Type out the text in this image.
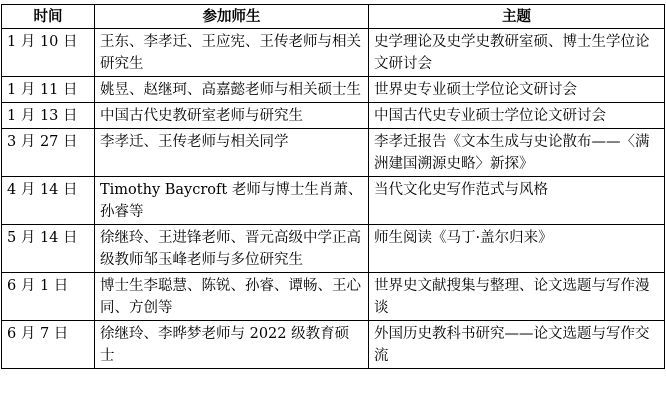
时间	参加师生	主题
1 月 10 日	王东、李孝迁、王应宪、王传老师与相关研究生	史学理论及史学史教研室硕、博士生学位论文研讨会
1 月 11 日	姚昱、赵继珂、高嘉懿老师与相关硕士生	世界史专业硕士学位论文研讨会
1 月 13 日	中国古代史教研室老师与研究生	中国古代史专业硕士学位论文研讨会
3 月 27 日	李孝迁、王传老师与相关同学	李孝迁报告《文本生成与史论散布——〈满洲建国溯源史略〉新探》
4 月 14 日	Timothy Baycroft 老师与博士生肖萧、孙睿等	当代文化史写作范式与风格
5 月 14 日	徐继玲、王进锋老师、晋元高级中学正高级教师邹玉峰老师与多位研究生	师生阅读《马丁·盖尔归来》
6 月 1 日	博士生李聪慧、陈锐、孙睿、谭畅、王心同、方创等	世界史文献搜集与整理、论文选题与写作漫谈
6 月 7 日	徐继玲、李晔梦老师与 2022 级教育硕士	外国历史教科书研究——论文选题与写作交流
